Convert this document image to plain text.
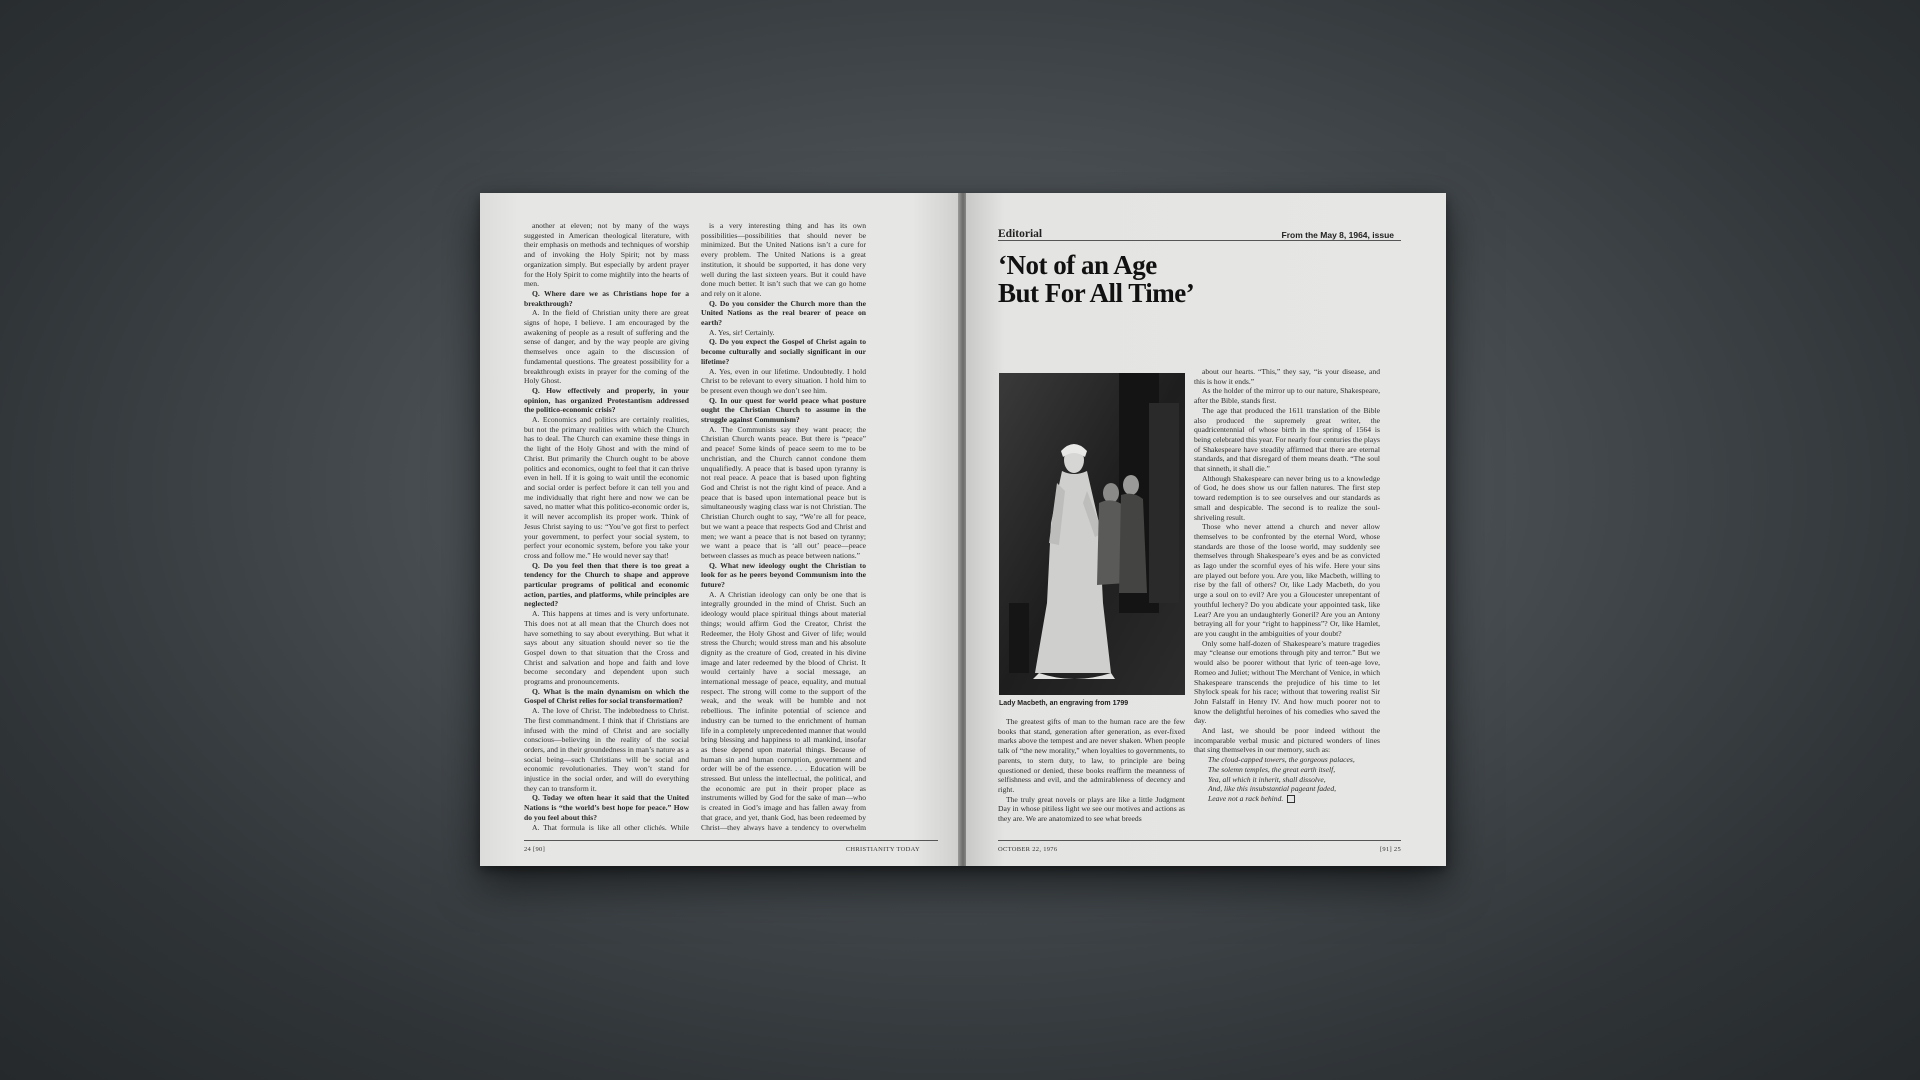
another at eleven; not by many of the ways suggested in American theological literature, with their emphasis on methods and techniques of worship and of invoking the Holy Spirit; not by mass organization simply. But especially by ardent prayer for the Holy Spirit to come mightily into the hearts of men.

Q. Where dare we as Christians hope for a breakthrough?

A. In the field of Christian unity there are great signs of hope, I believe. I am encouraged by the awakening of people as a result of suffering and the sense of danger, and by the way people are giving themselves once again to the discussion of fundamental questions. The greatest possibility for a breakthrough exists in prayer for the coming of the Holy Ghost.

Q. How effectively and properly, in your opinion, has organized Protestantism addressed the politico-economic crisis?

A. Economics and politics are certainly realities, but not the primary realities with which the Church has to deal. The Church can examine these things in the light of the Holy Ghost and with the mind of Christ. But primarily the Church ought to be above politics and economics, ought to feel that it can thrive even in hell. If it is going to wait until the economic and social order is perfect before it can tell you and me individually that right here and now we can be saved, no matter what this politico-economic order is, it will never accomplish its proper work. Think of Jesus Christ saying to us: “You’ve got first to perfect your government, to perfect your social system, to perfect your economic system, before you take your cross and follow me.” He would never say that!

Q. Do you feel then that there is too great a tendency for the Church to shape and approve particular programs of political and economic action, parties, and platforms, while principles are neglected?

A. This happens at times and is very unfortunate. This does not at all mean that the Church does not have something to say about everything. But what it says about any situation should never so tie the Gospel down to that situation that the Cross and Christ and salvation and hope and faith and love become secondary and dependent upon such programs and pronouncements.

Q. What is the main dynamism on which the Gospel of Christ relies for social transformation?

A. The love of Christ. The indebtedness to Christ. The first commandment. I think that if Christians are infused with the mind of Christ and are socially conscious—believing in the reality of the social orders, and in their groundedness in man’s nature as a social being—such Christians will be social and economic revolutionaries. They won’t stand for injustice in the social order, and will do everything they can to transform it.

Q. Today we often hear it said that the United Nations is “the world’s best hope for peace.” How do you feel about this?

A. That formula is like all other clichés. While

is a very interesting thing and has its own possibilities—possibilities that should never be minimized. But the United Nations isn’t a cure for every problem. The United Nations is a great institution, it should be supported, it has done very well during the last sixteen years. But it could have done much better. It isn’t such that we can go home and rely on it alone.

Q. Do you consider the Church more than the United Nations as the real bearer of peace on earth?

A. Yes, sir! Certainly.

Q. Do you expect the Gospel of Christ again to become culturally and socially significant in our lifetime?

A. Yes, even in our lifetime. Undoubtedly. I hold Christ to be relevant to every situation. I hold him to be present even though we don’t see him.

Q. In our quest for world peace what posture ought the Christian Church to assume in the struggle against Communism?

A. The Communists say they want peace; the Christian Church wants peace. But there is “peace” and peace! Some kinds of peace seem to me to be unchristian, and the Church cannot condone them unqualifiedly. A peace that is based upon tyranny is not real peace. A peace that is based upon fighting God and Christ is not the right kind of peace. And a peace that is based upon international peace but is simultaneously waging class war is not Christian. The Christian Church ought to say, “We’re all for peace, but we want a peace that respects God and Christ and men; we want a peace that is not based on tyranny; we want a peace that is ‘all out’ peace—peace between classes as much as peace between nations.”

Q. What new ideology ought the Christian to look for as he peers beyond Communism into the future?

A. A Christian ideology can only be one that is integrally grounded in the mind of Christ. Such an ideology would place spiritual things about material things; would affirm God the Creator, Christ the Redeemer, the Holy Ghost and Giver of life; would stress the Church; would stress man and his absolute dignity as the creature of God, created in his divine image and later redeemed by the blood of Christ. It would certainly have a social message, an international message of peace, equality, and mutual respect. The strong will come to the support of the weak, and the weak will be humble and not rebellious. The infinite potential of science and industry can be turned to the enrichment of human life in a completely unprecedented manner that would bring blessing and happiness to all mankind, insofar as these depend upon material things. Because of human sin and human corruption, government and order will be of the essence. . . . Education will be stressed. But unless the intellectual, the political, and the economic are put in their proper place as instruments willed by God for the sake of man—who is created in God’s image and has fallen away from that grace, and yet, thank God, has been redeemed by Christ—they always have a tendency to overwhelm

24 [90]	CHRISTIANITY TODAY	OCTOBER 22, 1976	[91] 25
Editorial	From the May 8, 1964, issue
‘Not of an Age
But For All Time’
Lady Macbeth, an engraving from 1799

The greatest gifts of man to the human race are the few books that stand, generation after generation, as ever-fixed marks above the tempest and are never shaken. When people talk of “the new morality,” when loyalties to governments, to parents, to stern duty, to law, to principle are being questioned or denied, these books reaffirm the meanness of selfishness and evil, and the admirableness of decency and right.

The truly great novels or plays are like a little Judgment Day in whose pitiless light we see our motives and actions as they are. We are anatomized to see what breeds

about our hearts. “This,” they say, “is your disease, and this is how it ends.”

As the holder of the mirror up to our nature, Shakespeare, after the Bible, stands first.

The age that produced the 1611 translation of the Bible also produced the supremely great writer, the quadricentennial of whose birth in the spring of 1564 is being celebrated this year. For nearly four centuries the plays of Shakespeare have steadily affirmed that there are eternal standards, and that disregard of them means death. “The soul that sinneth, it shall die.”

Although Shakespeare can never bring us to a knowledge of God, he does show us our fallen natures. The first step toward redemption is to see ourselves and our standards as small and despicable. The second is to realize the soul-shriveling result.

Those who never attend a church and never allow themselves to be confronted by the eternal Word, whose standards are those of the loose world, may suddenly see themselves through Shakespeare’s eyes and be as convicted as Iago under the scornful eyes of his wife. Here your sins are played out before you. Are you, like Macbeth, willing to rise by the fall of others? Or, like Lady Macbeth, do you urge a soul on to evil? Are you a Gloucester unrepentant of youthful lechery? Do you abdicate your appointed task, like Lear? Are you an undaughterly Goneril? Are you an Antony betraying all for your “right to happiness”? Or, like Hamlet, are you caught in the ambiguities of your doubt?

Only some half-dozen of Shakespeare’s mature tragedies may “cleanse our emotions through pity and terror.” But we would also be poorer without that lyric of teen-age love, Romeo and Juliet; without The Merchant of Venice, in which Shakespeare transcends the prejudice of his time to let Shylock speak for his race; without that towering realist Sir John Falstaff in Henry IV. And how much poorer not to know the delightful heroines of his comedies who saved the day.

And last, we should be poor indeed without the incomparable verbal music and pictured wonders of lines that sing themselves in our memory, such as:

The cloud-capped towers, the gorgeous palaces,

The solemn temples, the great earth itself,

Yea, all which it inherit, shall dissolve,

And, like this insubstantial pageant faded,

Leave not a rack behind.
